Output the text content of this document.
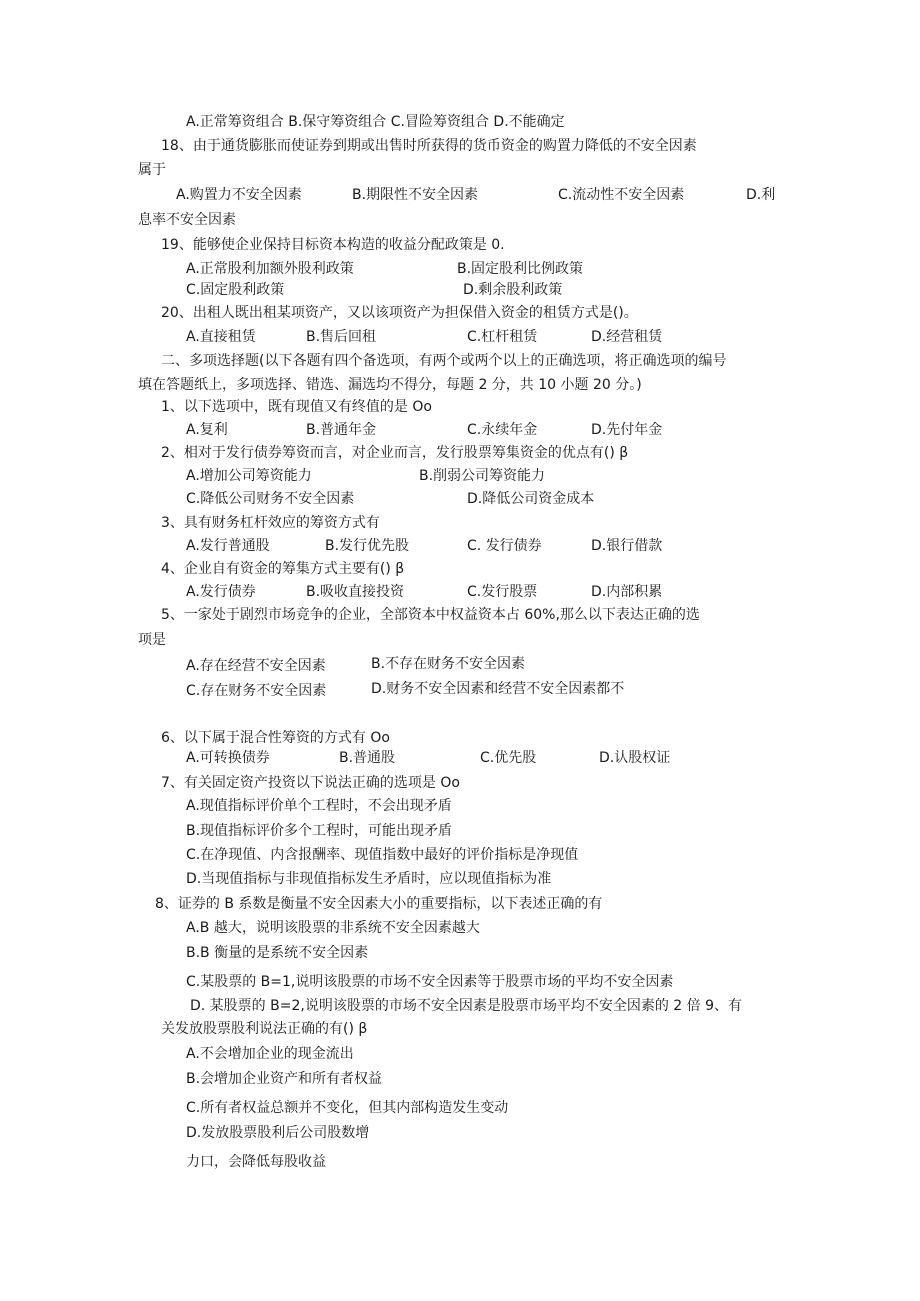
A.正常筹资组合 B.保守筹资组合 C.冒险筹资组合 D.不能确定
18、由于通货膨胀而使证券到期或出售时所获得的货币资金的购置力降低的不安全因素
属于
A.购置力不安全因素	B.期限性不安全因素	C.流动性不安全因素	D.利
息率不安全因素
19、能够使企业保持目标资本构造的收益分配政策是 0.
A.正常股利加额外股利政策	B.固定股利比例政策
C.固定股利政策	D.剩余股利政策
20、出租人既出租某项资产，又以该项资产为担保借入资金的租赁方式是()。
A.直接租赁	B.售后回租	C.杠杆租赁	D.经营租赁
二、多项选择题(以下各题有四个备选项，有两个或两个以上的正确选项，将正确选项的编号
填在答题纸上，多项选择、错选、漏选均不得分，每题 2 分，共 10 小题 20 分。)
1、以下选项中，既有现值又有终值的是 Oo
A.复利	B.普通年金	C.永续年金	D.先付年金
2、相对于发行债券筹资而言，对企业而言，发行股票筹集资金的优点有() β
A.增加公司筹资能力	B.削弱公司筹资能力
C.降低公司财务不安全因素	D.降低公司资金成本
3、具有财务杠杆效应的筹资方式有
A.发行普通股	B.发行优先股	C. 发行债券	D.银行借款
4、企业自有资金的筹集方式主要有() β
A.发行债券	B.吸收直接投资	C.发行股票	D.内部积累
5、一家处于剧烈市场竞争的企业，全部资本中权益资本占 60%,那么以下表达正确的选
项是
A.存在经营不安全因素	B.不存在财务不安全因素
C.存在财务不安全因素	D.财务不安全因素和经营不安全因素都不
6、以下属于混合性筹资的方式有 Oo
A.可转换债券	B.普通股	C.优先股	D.认股权证
7、有关固定资产投资以下说法正确的选项是 Oo
A.现值指标评价单个工程时，不会出现矛盾
B.现值指标评价多个工程时，可能出现矛盾
C.在净现值、内含报酬率、现值指数中最好的评价指标是净现值
D.当现值指标与非现值指标发生矛盾时，应以现值指标为准
8、证券的 B 系数是衡量不安全因素大小的重要指标，以下表述正确的有
A.B 越大，说明该股票的非系统不安全因素越大
B.B 衡量的是系统不安全因素
C.某股票的 B=1,说明该股票的市场不安全因素等于股票市场的平均不安全因素
D. 某股票的 B=2,说明该股票的市场不安全因素是股票市场平均不安全因素的 2 倍 9、有
关发放股票股利说法正确的有() β
A.不会增加企业的现金流出
B.会增加企业资产和所有者权益
C.所有者权益总额并不变化，但其内部构造发生变动
D.发放股票股利后公司股数增
力口，会降低每股收益
